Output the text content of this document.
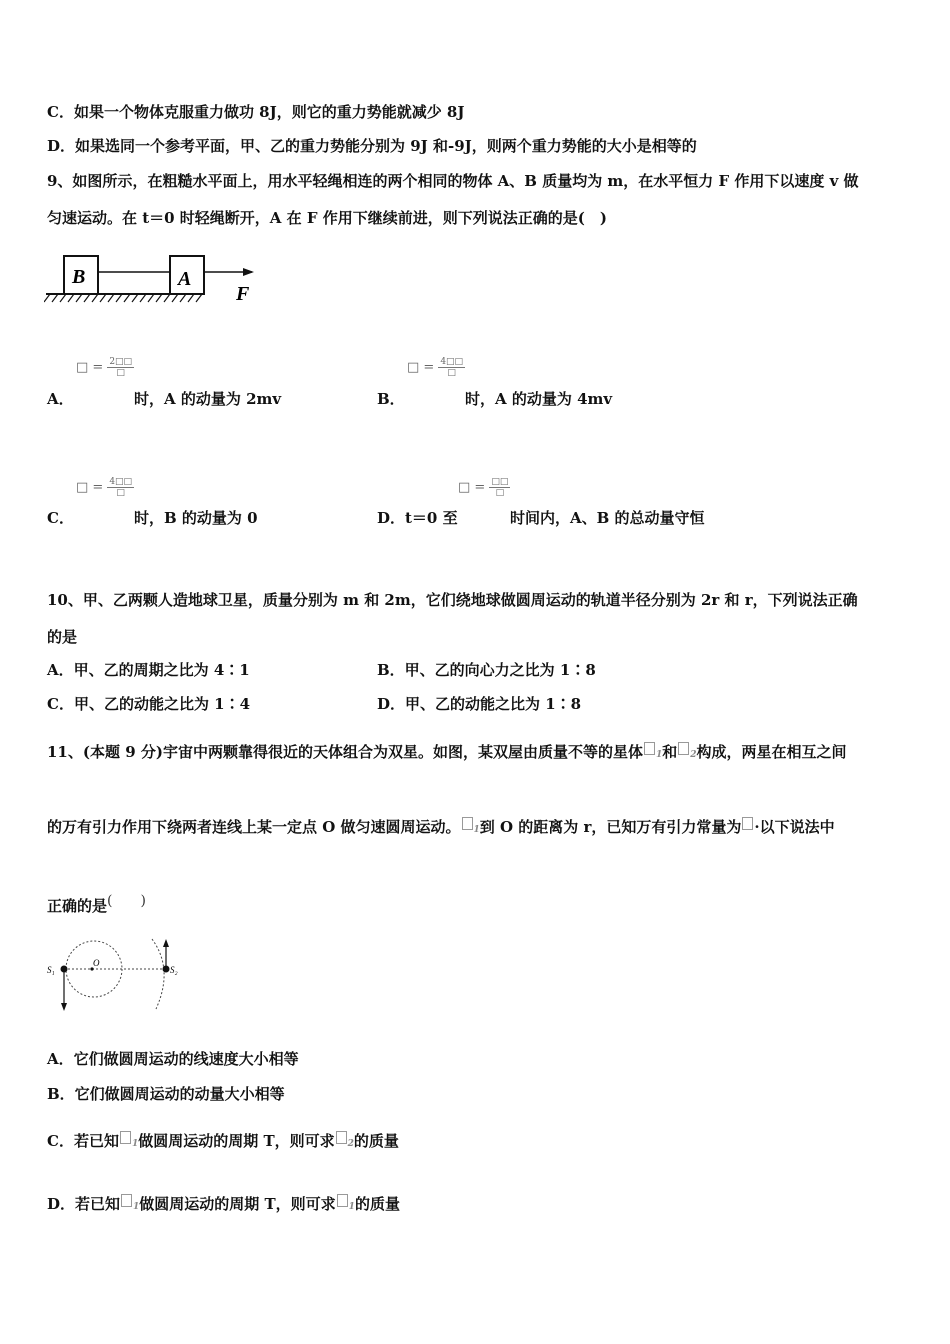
C．如果一个物体克服重力做功 8J，则它的重力势能就减少 8J
D．如果选同一个参考平面，甲、乙的重力势能分别为 9J 和-9J，则两个重力势能的大小是相等的
9、如图所示，在粗糙水平面上，用水平轻绳相连的两个相同的物体 A、B 质量均为 m，在水平恒力 F 作用下以速度 v 做
匀速运动。在 t＝0 时轻绳断开，A 在 F 作用下继续前进，则下列说法正确的是(　)
B	A
F
□ = $\frac{2□□}{□}$
A．	时，A 的动量为 2mv
□ = $\frac{4□□}{□}$
B．	时，A 的动量为 4mv
□ = $\frac{4□□}{□}$
C．	时，B 的动量为 0
□ = $\frac{□□}{□}$
D．t＝0 至	时间内，A、B 的总动量守恒
10、甲、乙两颗人造地球卫星，质量分别为 m 和 2m，它们绕地球做圆周运动的轨道半径分别为 2r 和 r，下列说法正确
的是
A．甲、乙的周期之比为 4∶1	B．甲、乙的向心力之比为 1∶8
C．甲、乙的动能之比为 1∶4	D．甲、乙的动能之比为 1∶8
11、(本题 9 分)宇宙中两颗靠得很近的天体组合为双星。如图，某双屋由质量不等的星体 1和 2构成，两星在相互之间
的万有引力作用下绕两者连线上某一定点 O 做匀速圆周运动。 1到 O 的距离为 r，已知万有引力常量为 ·以下说法中
正确的是(　　)
S₁
O
S₂
A．它们做圆周运动的线速度大小相等
B．它们做圆周运动的动量大小相等
C．若已知 1做圆周运动的周期 T，则可求 2的质量
D．若已知 1做圆周运动的周期 T，则可求 1的质量
